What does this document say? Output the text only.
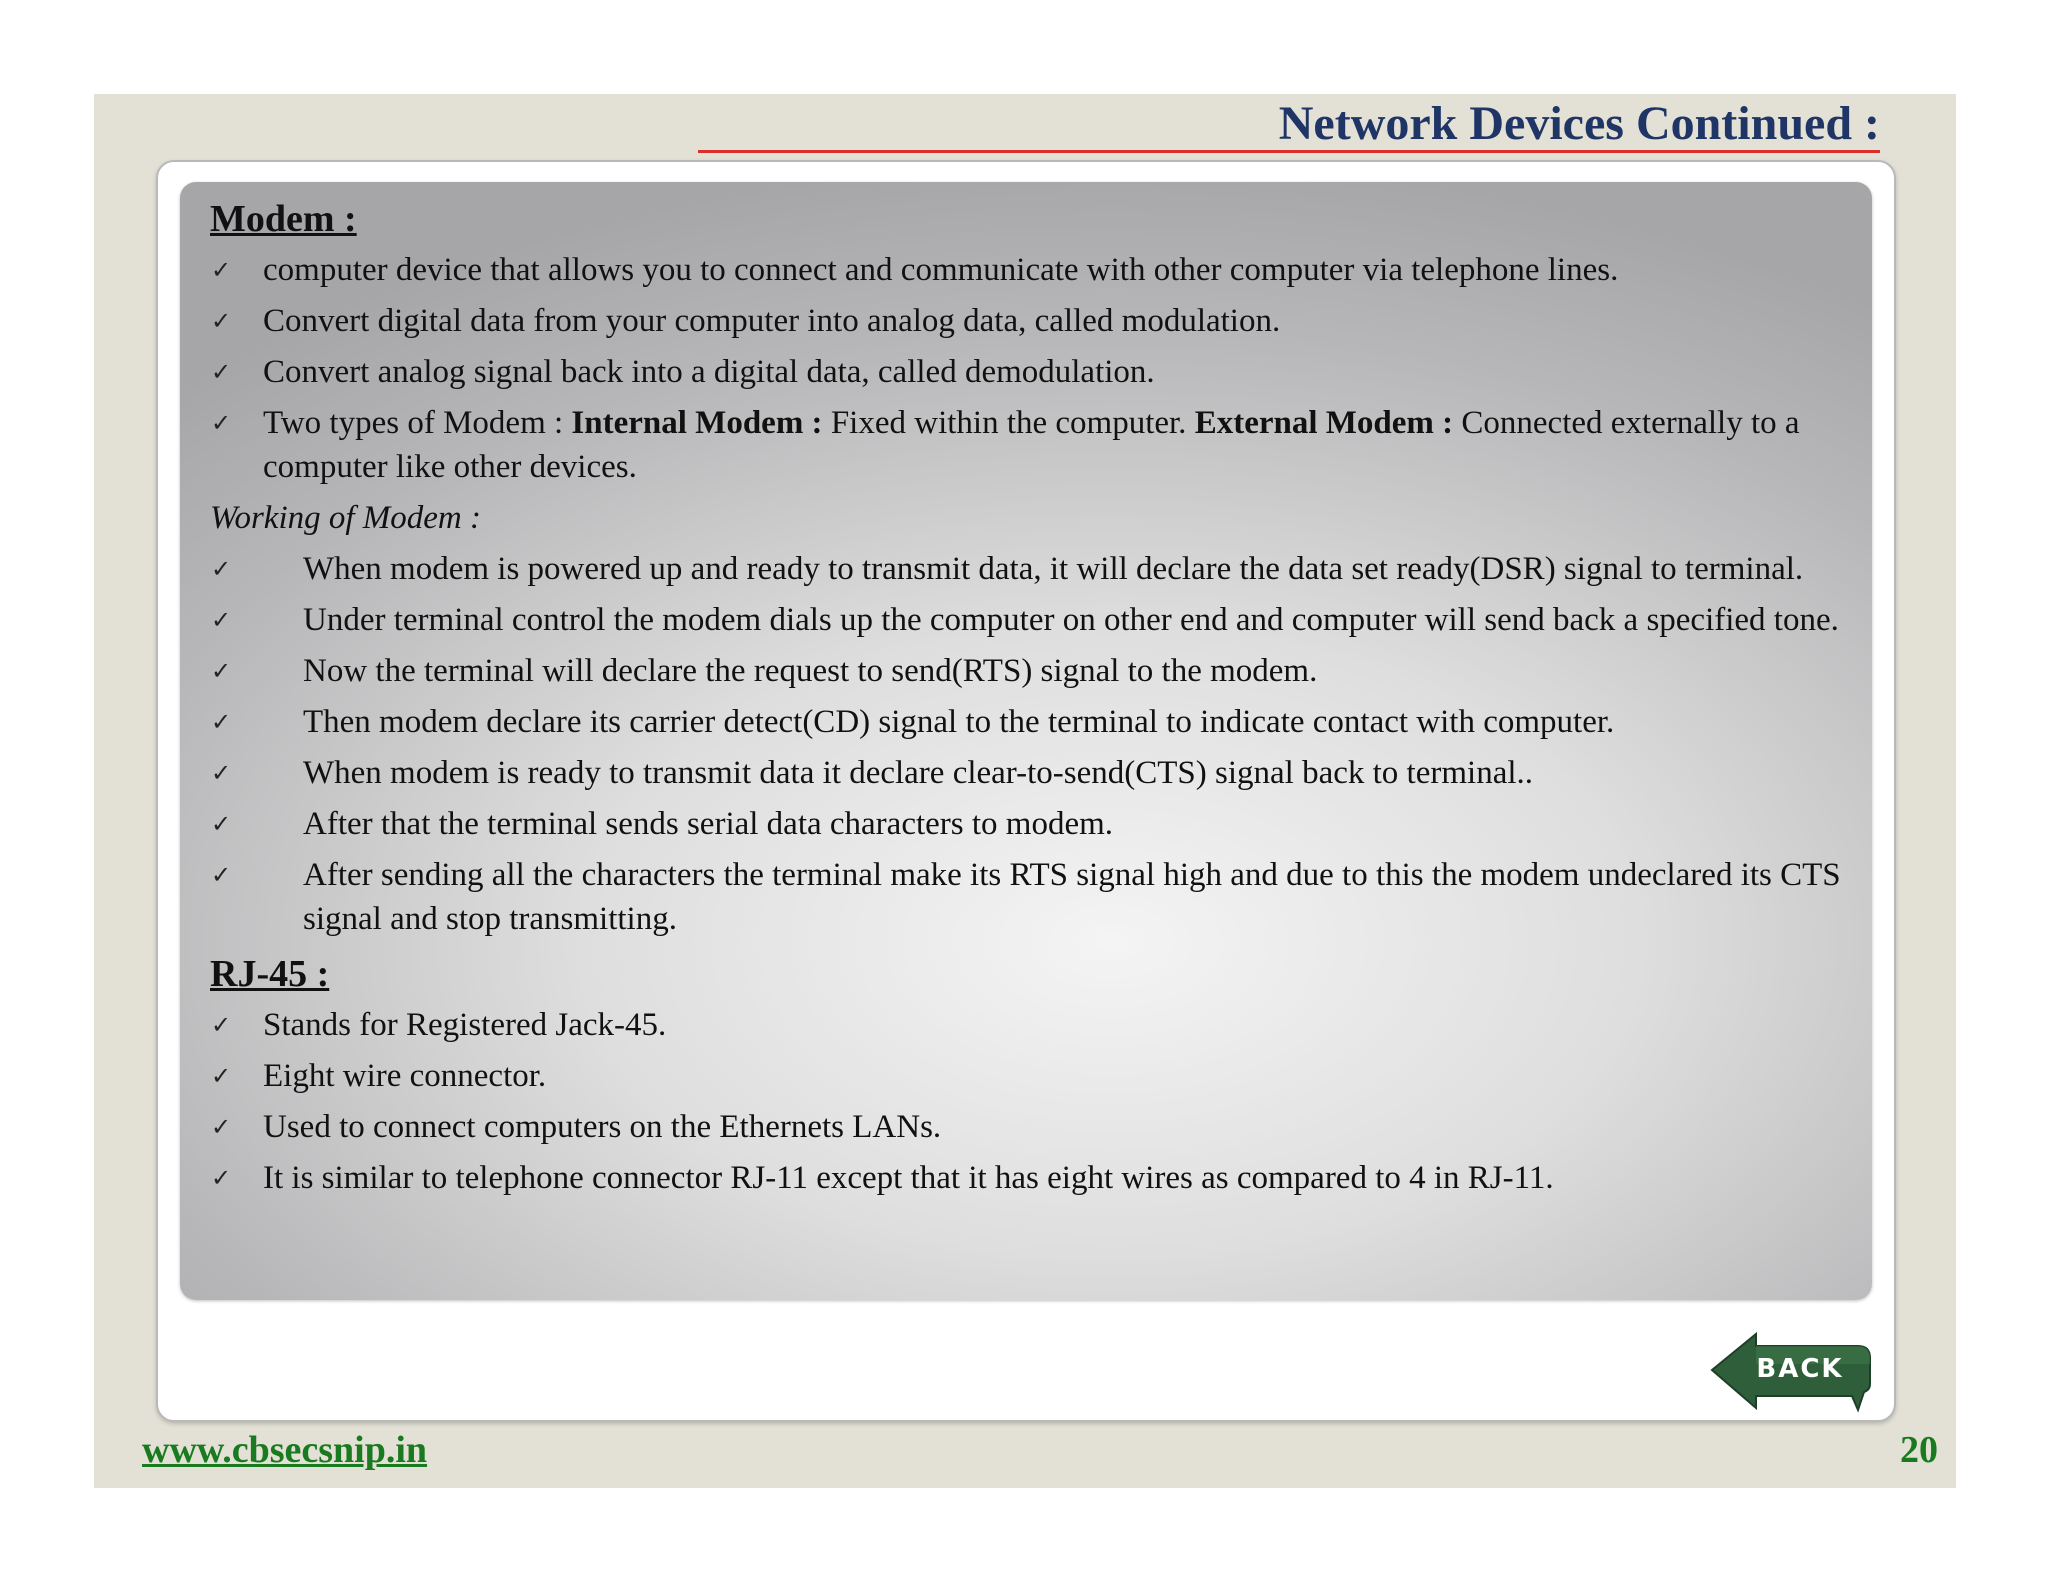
Network Devices Continued :
Modem :
✓ computer device that allows you to connect and communicate with other computer via telephone lines.
✓ Convert digital data from your computer into analog data, called modulation.
✓ Convert analog signal back into a digital data, called demodulation.
✓ Two types of Modem : Internal Modem : Fixed within the computer. External Modem : Connected externally to a computer like other devices.
Working of Modem :
✓ When modem is powered up and ready to transmit data, it will declare the data set ready(DSR) signal to terminal.
✓ Under terminal control the modem dials up the computer on other end and computer will send back a specified tone.
✓ Now the terminal will declare the request to send(RTS) signal to the modem.
✓ Then modem declare its carrier detect(CD) signal to the terminal to indicate contact with computer.
✓ When modem is ready to transmit data it declare clear-to-send(CTS) signal back to terminal..
✓ After that the terminal sends serial data characters to modem.
✓ After sending all the characters the terminal make its RTS signal high and due to this the modem undeclared its CTS signal and stop transmitting.
RJ-45 :
✓ Stands for Registered Jack-45.
✓ Eight wire connector.
✓ Used to connect computers on the Ethernets LANs.
✓ It is similar to telephone connector RJ-11 except that it has eight wires as compared to 4 in RJ-11.
BACK
www.cbsecsnip.in	20
